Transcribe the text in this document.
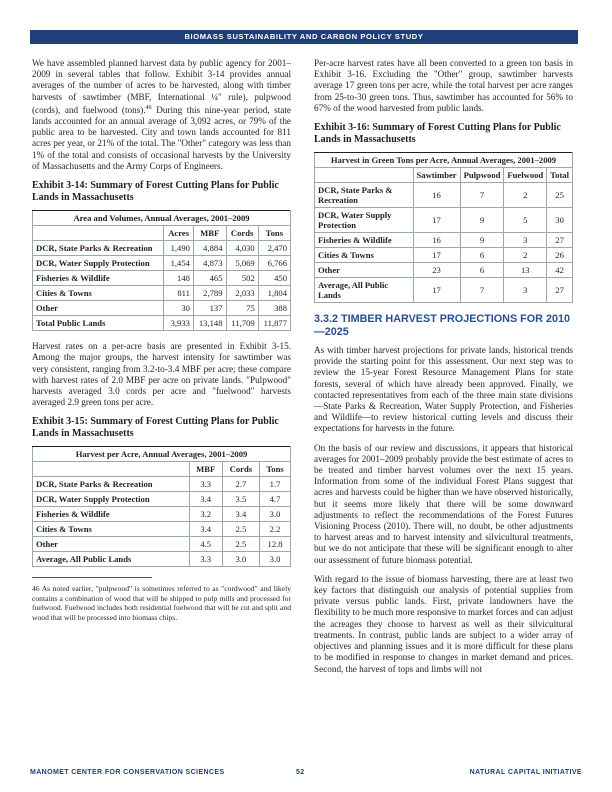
BIOMASS SUSTAINABILITY AND CARBON POLICY STUDY

We have assembled planned harvest data by public agency for 2001–2009 in several tables that follow. Exhibit 3-14 provides annual averages of the number of acres to be harvested, along with timber harvests of sawtimber (MBF, International ¼" rule), pulpwood (cords), and fuelwood (tons).$^{46}$ During this nine-year period, state lands accounted for an annual average of 3,092 acres, or 79% of the public area to be harvested. City and town lands accounted for 811 acres per year, or 21% of the total. The "Other" category was less than 1% of the total and consists of occasional harvests by the University of Massachusetts and the Army Corps of Engineers.

Exhibit 3-14: Summary of Forest Cutting Plans for Public Lands in Massachusetts
Area and Volumes, Annual Averages, 2001–2009				
	Acres	MBF	Cords	Tons
DCR, State Parks & Recreation	1,490	4,884	4,030	2,470
DCR, Water Supply Protection	1,454	4,873	5,069	6,766
Fisheries & Wildlife	148	465	502	450
Cities & Towns	811	2,789	2,033	1,804
Other	30	137	75	388
Total Public Lands	3,933	13,148	11,709	11,877

Harvest rates on a per-acre basis are presented in Exhibit 3-15. Among the major groups, the harvest intensity for sawtimber was very consistent, ranging from 3.2-to-3.4 MBF per acre; these compare with harvest rates of 2.0 MBF per acre on private lands. "Pulpwood" harvests averaged 3.0 cords per acre and "fuelwood" harvests averaged 2.9 green tons per acre.

Exhibit 3-15: Summary of Forest Cutting Plans for Public Lands in Massachusetts
Harvest per Acre, Annual Averages, 2001–2009			
	MBF	Cords	Tons
DCR, State Parks & Recreation	3.3	2.7	1.7
DCR, Water Supply Protection	3.4	3.5	4.7
Fisheries & Wildlife	3.2	3.4	3.0
Cities & Towns	3.4	2.5	2.2
Other	4.5	2.5	12.8
Average, All Public Lands	3.3	3.0	3.0
46 As noted earlier, "pulpwood" is sometimes referred to as "cordwood" and likely contains a combination of wood that will be shipped to pulp mills and processed for fuelwood. Fuelwood includes both residential fuelwood that will be cut and split and wood that will be processed into biomass chips.

Per-acre harvest rates have all been converted to a green ton basis in Exhibit 3-16. Excluding the "Other" group, sawtimber harvests average 17 green tons per acre, while the total harvest per acre ranges from 25-to-30 green tons. Thus, sawtimber has accounted for 56% to 67% of the wood harvested from public lands.

Exhibit 3-16: Summary of Forest Cutting Plans for Public Lands in Massachusetts
Harvest in Green Tons per Acre, Annual Averages, 2001–2009				
	Sawtimber	Pulpwood	Fuelwood	Total
DCR, State Parks & Recreation	16	7	2	25
DCR, Water Supply Protection	17	9	5	30
Fisheries & Wildlife	16	9	3	27
Cities & Towns	17	6	2	26
Other	23	6	13	42
Average, All Public Lands	17	7	3	27
3.3.2 TIMBER HARVEST PROJECTIONS FOR 2010—2025

As with timber harvest projections for private lands, historical trends provide the starting point for this assessment. Our next step was to review the 15-year Forest Resource Management Plans for state forests, several of which have already been approved. Finally, we contacted representatives from each of the three main state divisions—State Parks & Recreation, Water Supply Protection, and Fisheries and Wildlife—to review historical cutting levels and discuss their expectations for harvests in the future.

On the basis of our review and discussions, it appears that historical averages for 2001–2009 probably provide the best estimate of acres to be treated and timber harvest volumes over the next 15 years. Information from some of the individual Forest Plans suggest that acres and harvests could be higher than we have observed historically, but it seems more likely that there will be some downward adjustments to reflect the recommendations of the Forest Futures Visioning Process (2010). There will, no doubt, be other adjustments to harvest areas and to harvest intensity and silvicultural treatments, but we do not anticipate that these will be significant enough to alter our assessment of future biomass potential.

With regard to the issue of biomass harvesting, there are at least two key factors that distinguish our analysis of potential supplies from private versus public lands. First, private landowners have the flexibility to be much more responsive to market forces and can adjust the acreages they choose to harvest as well as their silvicultural treatments. In contrast, public lands are subject to a wider array of objectives and planning issues and it is more difficult for these plans to be modified in response to changes in market demand and prices. Second, the harvest of tops and limbs will not

MANOMET CENTER FOR CONSERVATION SCIENCES	52	NATURAL CAPITAL INITIATIVE
